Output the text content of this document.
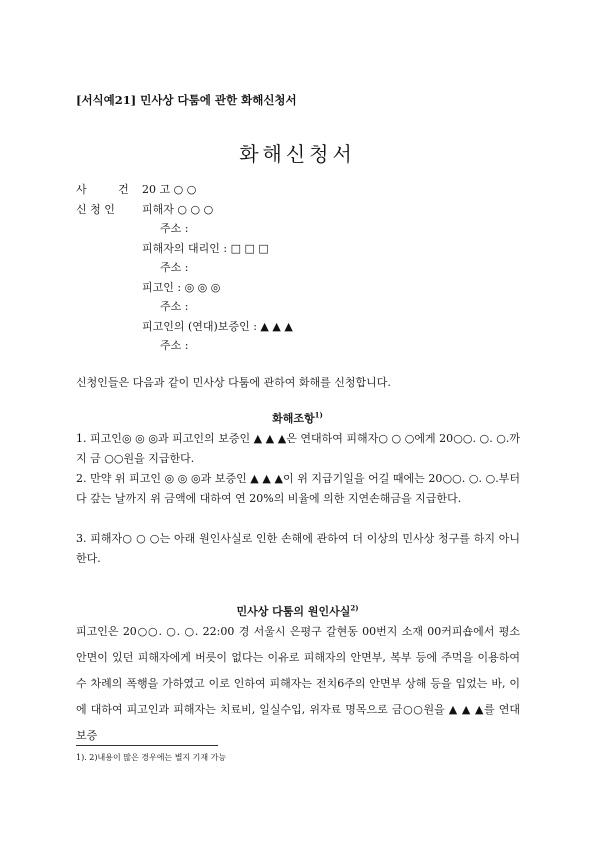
[서식예21] 민사상 다툼에 관한 화해신청서
화해신청서
사 건 20 고 ○ ○
신 청 인 피해자 ○ ○ ○
주소 :
피해자의 대리인 : □ □ □
주소 :
피고인 : ◎ ◎ ◎
주소 :
피고인의 (연대)보증인 : ▲ ▲ ▲
주소 :
신청인들은 다음과 같이 민사상 다툼에 관하여 화해를 신청합니다.
화해조항$^{1)}$
1. 피고인◎ ◎ ◎과 피고인의 보증인 ▲ ▲ ▲은 연대하여 피해자○ ○ ○에게 20○○. ○. ○.까지 금 ○○원을 지급한다.
2. 만약 위 피고인 ◎ ◎ ◎과 보증인 ▲ ▲ ▲이 위 지급기일을 어길 때에는 20○○. ○. ○.부터 다 갚는 날까지 위 금액에 대하여 연 20%의 비율에 의한 지연손해금을 지급한다.
3. 피해자○ ○ ○는 아래 원인사실로 인한 손해에 관하여 더 이상의 민사상 청구를 하지 아니한다.
민사상 다툼의 원인사실$^{2)}$
피고인은 20○○. ○. ○. 22:00 경 서울시 은평구 갈현동 00번지 소재 00커피숍에서 평소 안면이 있던 피해자에게 버릇이 없다는 이유로 피해자의 안면부, 복부 등에 주먹을 이용하여 수 차례의 폭행을 가하였고 이로 인하여 피해자는 전치6주의 안면부 상해 등을 입었는 바, 이에 대하여 피고인과 피해자는 치료비, 일실수입, 위자료 명목으로 금○○원을 ▲ ▲ ▲를 연대보증
1). 2)내용이 많은 경우에는 별지 기재 가능
